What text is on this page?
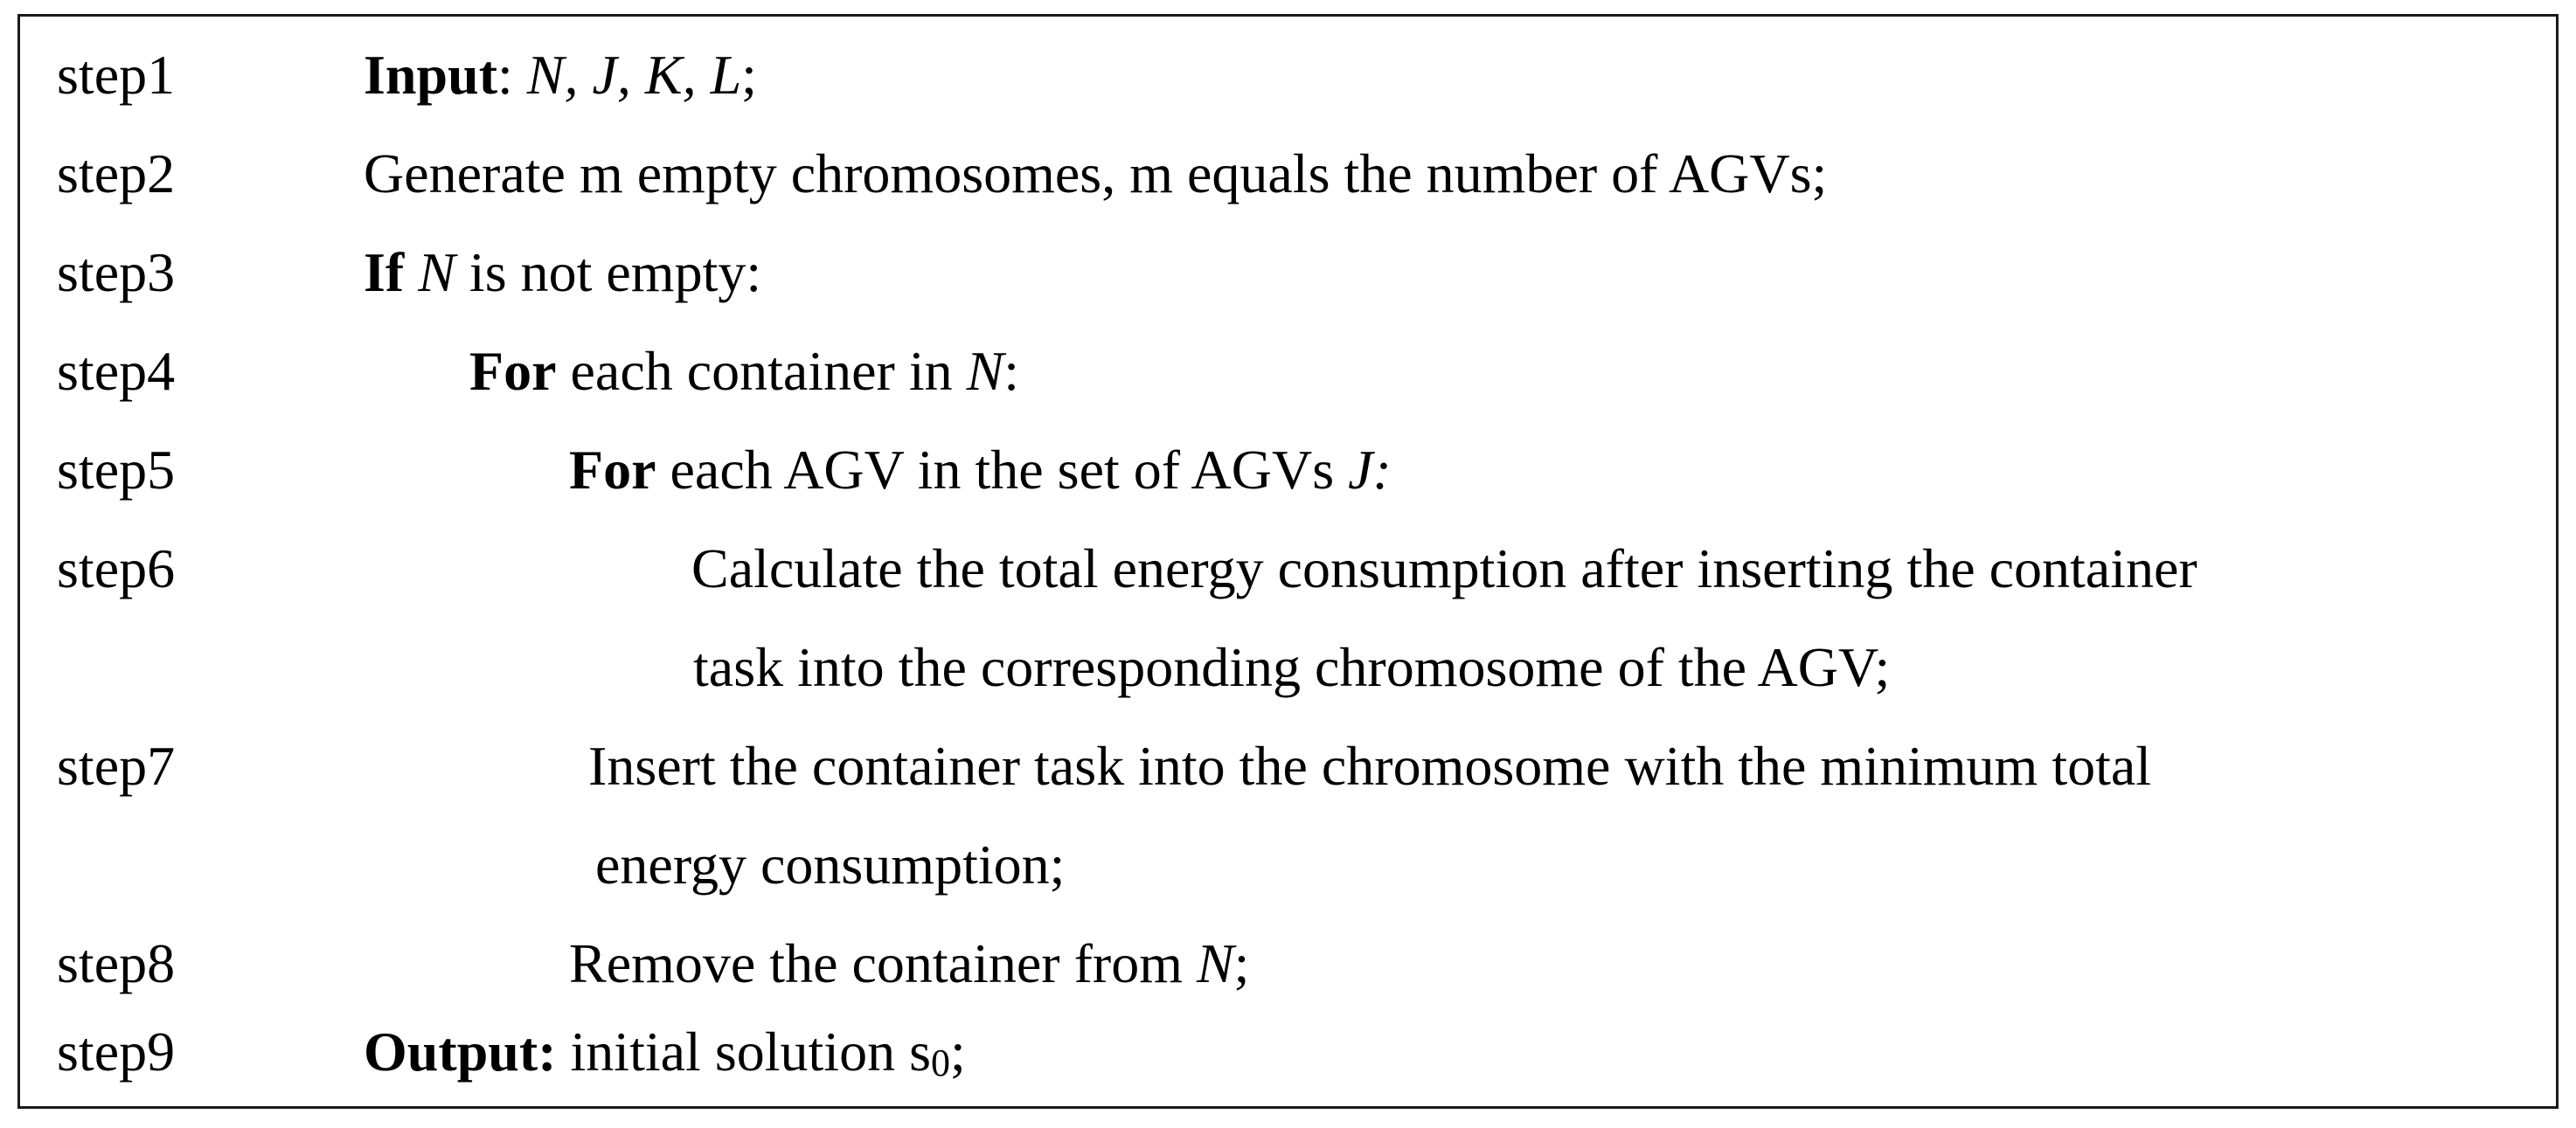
step1	Input: N, J, K, L;
step2	Generate m empty chromosomes, m equals the number of AGVs;
step3	If N is not empty:
step4	For each container in N:
step5	For each AGV in the set of AGVs J:
step6	Calculate the total energy consumption after inserting the container
task into the corresponding chromosome of the AGV;
step7	Insert the container task into the chromosome with the minimum total
energy consumption;
step8	Remove the container from N;
step9	Output: initial solution $s_0$;
